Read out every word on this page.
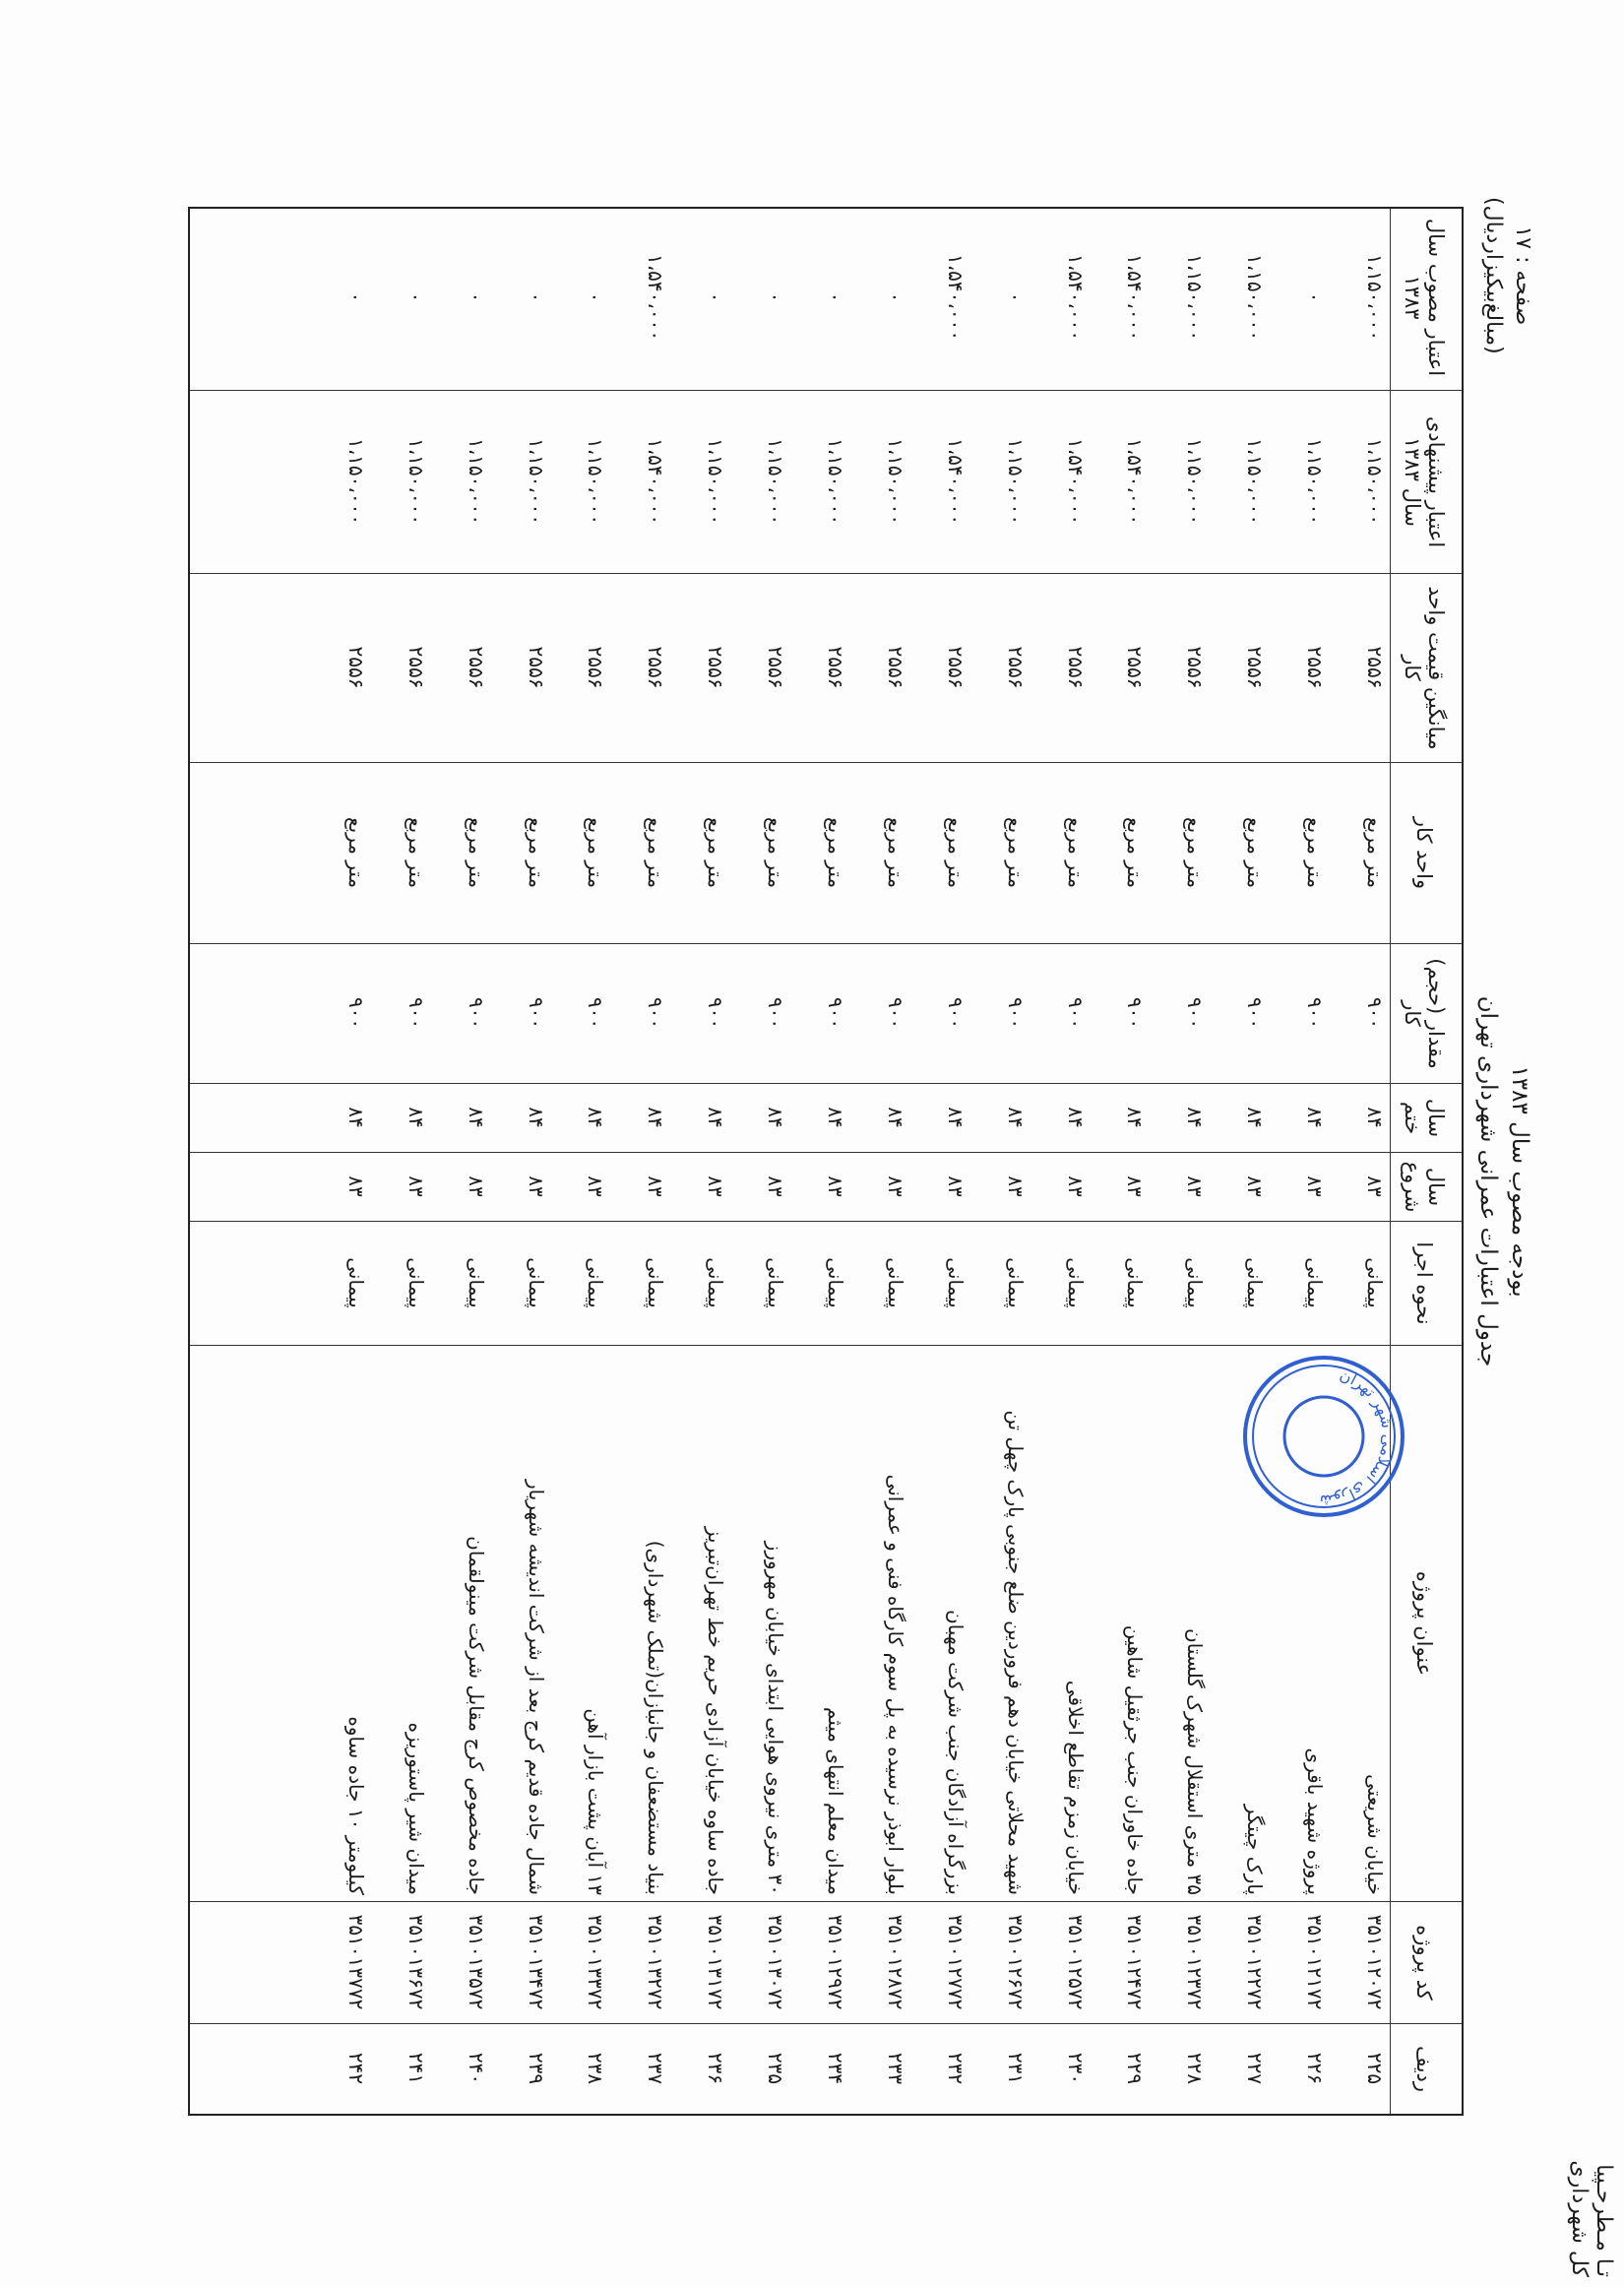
تـا مـطرحـپیا
کل شهرداری
بودجه مصوب سال ۱۳۸۳
جدول اعتبارات عمرانی شهرداری تهران
صفحه : ۱۷
(مبالغ‌بیکیزاردیال)
ردیف
کد پروژه
عنوان پروژه
نحوه اجرا
سال شروع
سال ختم
مقدار (حجم) کار
واحد کار
میانگین قیمت واحد کار
اعتبار پیشنهادی سال ۱۳۸۳
اعتبار مصوب سال ۱۳۸۳
۲۲۵
۳۵۱۰۱۲۰۷۲
خیابان شریعتی
پیمانی
۸۳
۸۴
۹۰۰
متر مربع
۲۵۵۶
۱،۱۵۰،۰۰۰
۱،۱۵۰،۰۰۰
۲۲۶
۳۵۱۰۱۲۱۷۲
پروژه شهید باقری
پیمانی
۸۳
۸۴
۹۰۰
متر مربع
۲۵۵۶
۱،۱۵۰،۰۰۰
۰
۲۲۷
۳۵۱۰۱۲۲۷۲
پارک چیتگر
پیمانی
۸۳
۸۴
۹۰۰
متر مربع
۲۵۵۶
۱،۱۵۰،۰۰۰
۱،۱۵۰،۰۰۰
۲۲۸
۳۵۱۰۱۲۳۷۲
۳۵ متری استقلال شهرک گلستان
پیمانی
۸۳
۸۴
۹۰۰
متر مربع
۲۵۵۶
۱،۱۵۰،۰۰۰
۱،۱۵۰،۰۰۰
۲۲۹
۳۵۱۰۱۲۴۷۲
جاده خاوران جنب جرثقیل شاهین
پیمانی
۸۳
۸۴
۹۰۰
متر مربع
۲۵۵۶
۱،۵۴۰،۰۰۰
۱،۵۴۰،۰۰۰
۲۳۰
۳۵۱۰۱۲۵۷۲
خیابان زمزم تقاطع اخلاقی
پیمانی
۸۳
۸۴
۹۰۰
متر مربع
۲۵۵۶
۱،۵۴۰،۰۰۰
۱،۵۴۰،۰۰۰
۲۳۱
۳۵۱۰۱۲۶۷۲
شهید محلاتی خیابان دهم فروردین ضلع جنوبی پارک چهل تن
پیمانی
۸۳
۸۴
۹۰۰
متر مربع
۲۵۵۶
۱،۱۵۰،۰۰۰
۰
۲۳۲
۳۵۱۰۱۲۷۷۲
بزرگراه آزادگان جنب شرکت مهبان
پیمانی
۸۳
۸۴
۹۰۰
متر مربع
۲۵۵۶
۱،۵۴۰،۰۰۰
۱،۵۴۰،۰۰۰
۲۳۳
۳۵۱۰۱۲۸۷۲
بلوار ابوذر نرسیده به پل سوم کارگاه فنی و عمرانی
پیمانی
۸۳
۸۴
۹۰۰
متر مربع
۲۵۵۶
۱،۱۵۰،۰۰۰
۰
۲۳۴
۳۵۱۰۱۲۹۷۲
میدان معلم انتهای میثم
پیمانی
۸۳
۸۴
۹۰۰
متر مربع
۲۵۵۶
۱،۱۵۰،۰۰۰
۰
۲۳۵
۳۵۱۰۱۳۰۷۲
۳۰ متری نیروی هوایی ابتدای خیابان مهرورز
پیمانی
۸۳
۸۴
۹۰۰
متر مربع
۲۵۵۶
۱،۱۵۰،۰۰۰
۰
۲۳۶
۳۵۱۰۱۳۱۷۲
جاده ساوه خیابان آزادی حریم خط تهران‌تبریز
پیمانی
۸۳
۸۴
۹۰۰
متر مربع
۲۵۵۶
۱،۱۵۰،۰۰۰
۰
۲۳۷
۳۵۱۰۱۳۲۷۲
بنیاد مستضعفان و جانبازان(تملک شهرداری)
پیمانی
۸۳
۸۴
۹۰۰
متر مربع
۲۵۵۶
۱،۵۴۰،۰۰۰
۱،۵۴۰،۰۰۰
۲۳۸
۳۵۱۰۱۳۳۷۲
۱۳ آبان پشت بازار آهن
پیمانی
۸۳
۸۴
۹۰۰
متر مربع
۲۵۵۶
۱،۱۵۰،۰۰۰
۰
۲۳۹
۳۵۱۰۱۳۴۷۲
شمال جاده قدیم کرج بعد از شرکت اندیشه شهریار
پیمانی
۸۳
۸۴
۹۰۰
متر مربع
۲۵۵۶
۱،۱۵۰،۰۰۰
۰
۲۴۰
۳۵۱۰۱۳۵۷۲
جاده مخصوص کرج مقابل شرکت مینولقمان
پیمانی
۸۳
۸۴
۹۰۰
متر مربع
۲۵۵۶
۱،۱۵۰،۰۰۰
۰
۲۴۱
۳۵۱۰۱۳۶۷۲
میدان شیر پاستوریزه
پیمانی
۸۳
۸۴
۹۰۰
متر مربع
۲۵۵۶
۱،۱۵۰،۰۰۰
۰
۲۴۲
۳۵۱۰۱۳۷۷۲
کیلومتر ۱۰ جاده ساوه
پیمانی
۸۳
۸۴
۹۰۰
متر مربع
۲۵۵۶
۱،۱۵۰،۰۰۰
۰
شورای اسلامی شهر تهران
